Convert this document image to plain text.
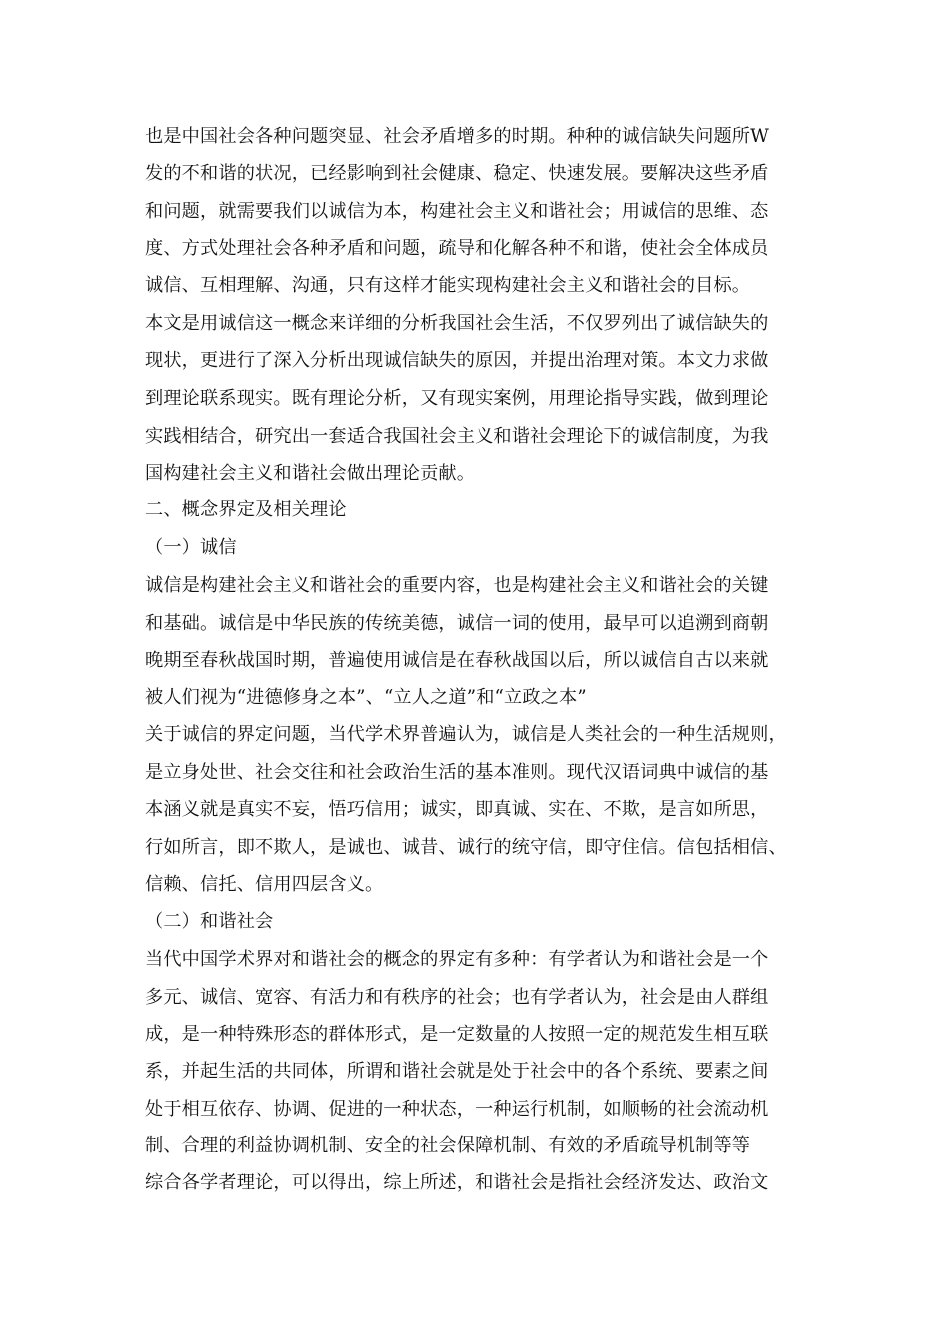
也是中国社会各种问题突显、社会矛盾增多的时期。种种的诚信缺失问题所W
发的不和谐的状况，已经影响到社会健康、稳定、快速发展。要解决这些矛盾
和问题，就需要我们以诚信为本，构建社会主义和谐社会；用诚信的思维、态
度、方式处理社会各种矛盾和问题，疏导和化解各种不和谐，使社会全体成员
诚信、互相理解、沟通，只有这样才能实现构建社会主义和谐社会的目标。
本文是用诚信这一概念来详细的分析我国社会生活，不仅罗列出了诚信缺失的
现状，更进行了深入分析出现诚信缺失的原因，并提出治理对策。本文力求做
到理论联系现实。既有理论分析，又有现实案例，用理论指导实践，做到理论
实践相结合，研究出一套适合我国社会主义和谐社会理论下的诚信制度，为我
国构建社会主义和谐社会做出理论贡献。
二、概念界定及相关理论
（一）诚信
诚信是构建社会主义和谐社会的重要内容，也是构建社会主义和谐社会的关键
和基础。诚信是中华民族的传统美德，诚信一词的使用，最早可以追溯到商朝
晚期至春秋战国时期，普遍使用诚信是在春秋战国以后，所以诚信自古以来就
被人们视为“进德修身之本”、“立人之道”和“立政之本”
关于诚信的界定问题，当代学术界普遍认为，诚信是人类社会的一种生活规则，
是立身处世、社会交往和社会政治生活的基本准则。现代汉语词典中诚信的基
本涵义就是真实不妄，悟巧信用；诚实，即真诚、实在、不欺，是言如所思，
行如所言，即不欺人，是诚也、诚昔、诚行的统守信，即守住信。信包括相信、
信赖、信托、信用四层含义。
（二）和谐社会
当代中国学术界对和谐社会的概念的界定有多种：有学者认为和谐社会是一个
多元、诚信、宽容、有活力和有秩序的社会；也有学者认为，社会是由人群组
成，是一种特殊形态的群体形式，是一定数量的人按照一定的规范发生相互联
系，并起生活的共同体，所谓和谐社会就是处于社会中的各个系统、要素之间
处于相互依存、协调、促进的一种状态，一种运行机制，如顺畅的社会流动机
制、合理的利益协调机制、安全的社会保障机制、有效的矛盾疏导机制等等
综合各学者理论，可以得出，综上所述，和谐社会是指社会经济发达、政治文
